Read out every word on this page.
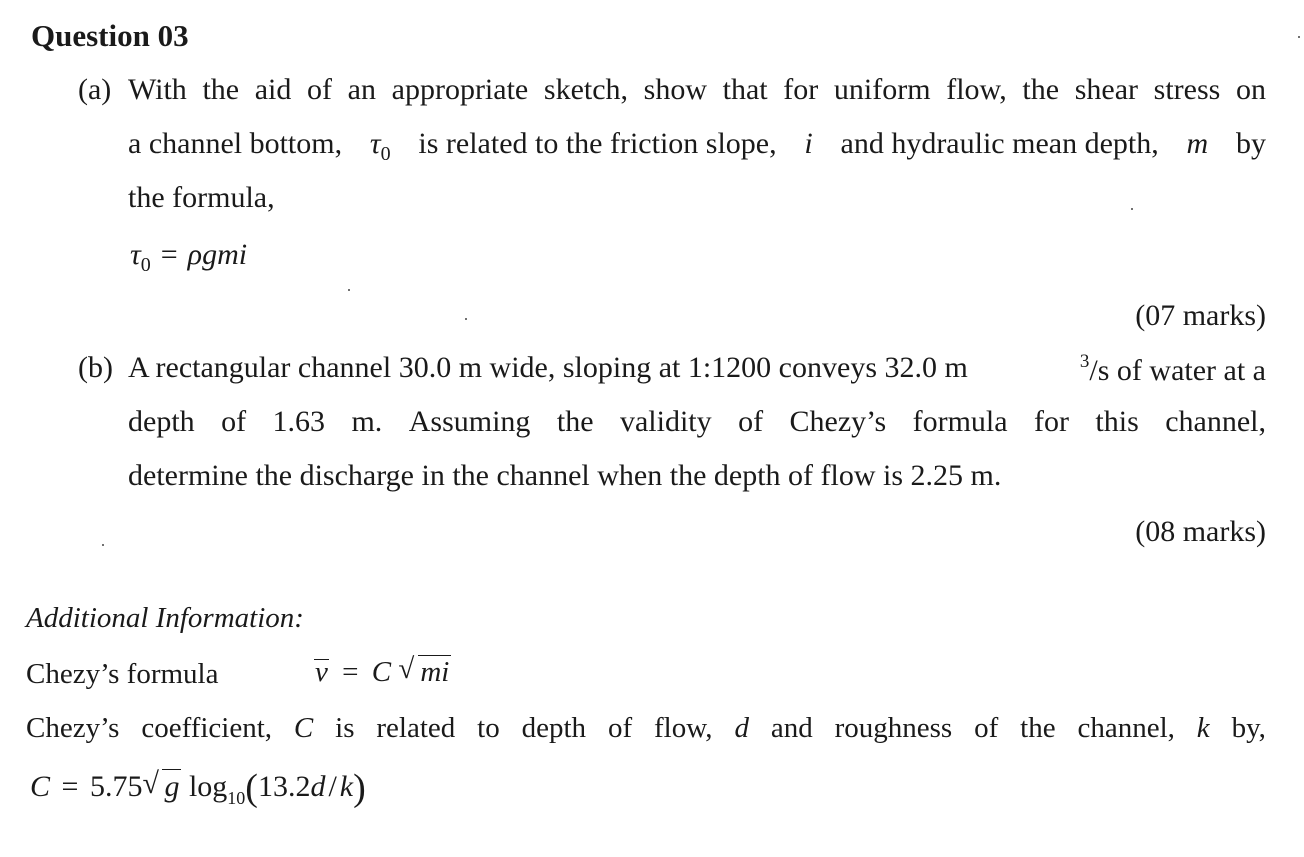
Question 03
(a) With the aid of an appropriate sketch, show that for uniform flow, the shear stress on
a channel bottom, $\tau_0$ is related to the friction slope, i and hydraulic mean depth, m by
the formula,
$\tau_0 = \rho gmi$
(07 marks)
(b) A rectangular channel 30.0 m wide, sloping at 1:1200 conveys 32.0 m	$^3$/s of water at a
depth of 1.63 m. Assuming the validity of Chezy’s formula for this channel,
determine the discharge in the channel when the depth of flow is 2.25 m.
(08 marks)
Additional Information:
Chezy’s formula	v = C √ mi
Chezy’s coefficient, C is related to depth of flow, d and roughness of the channel, k by,
C = 5.75 √ g $\log_{10}(13.2d / k)$
